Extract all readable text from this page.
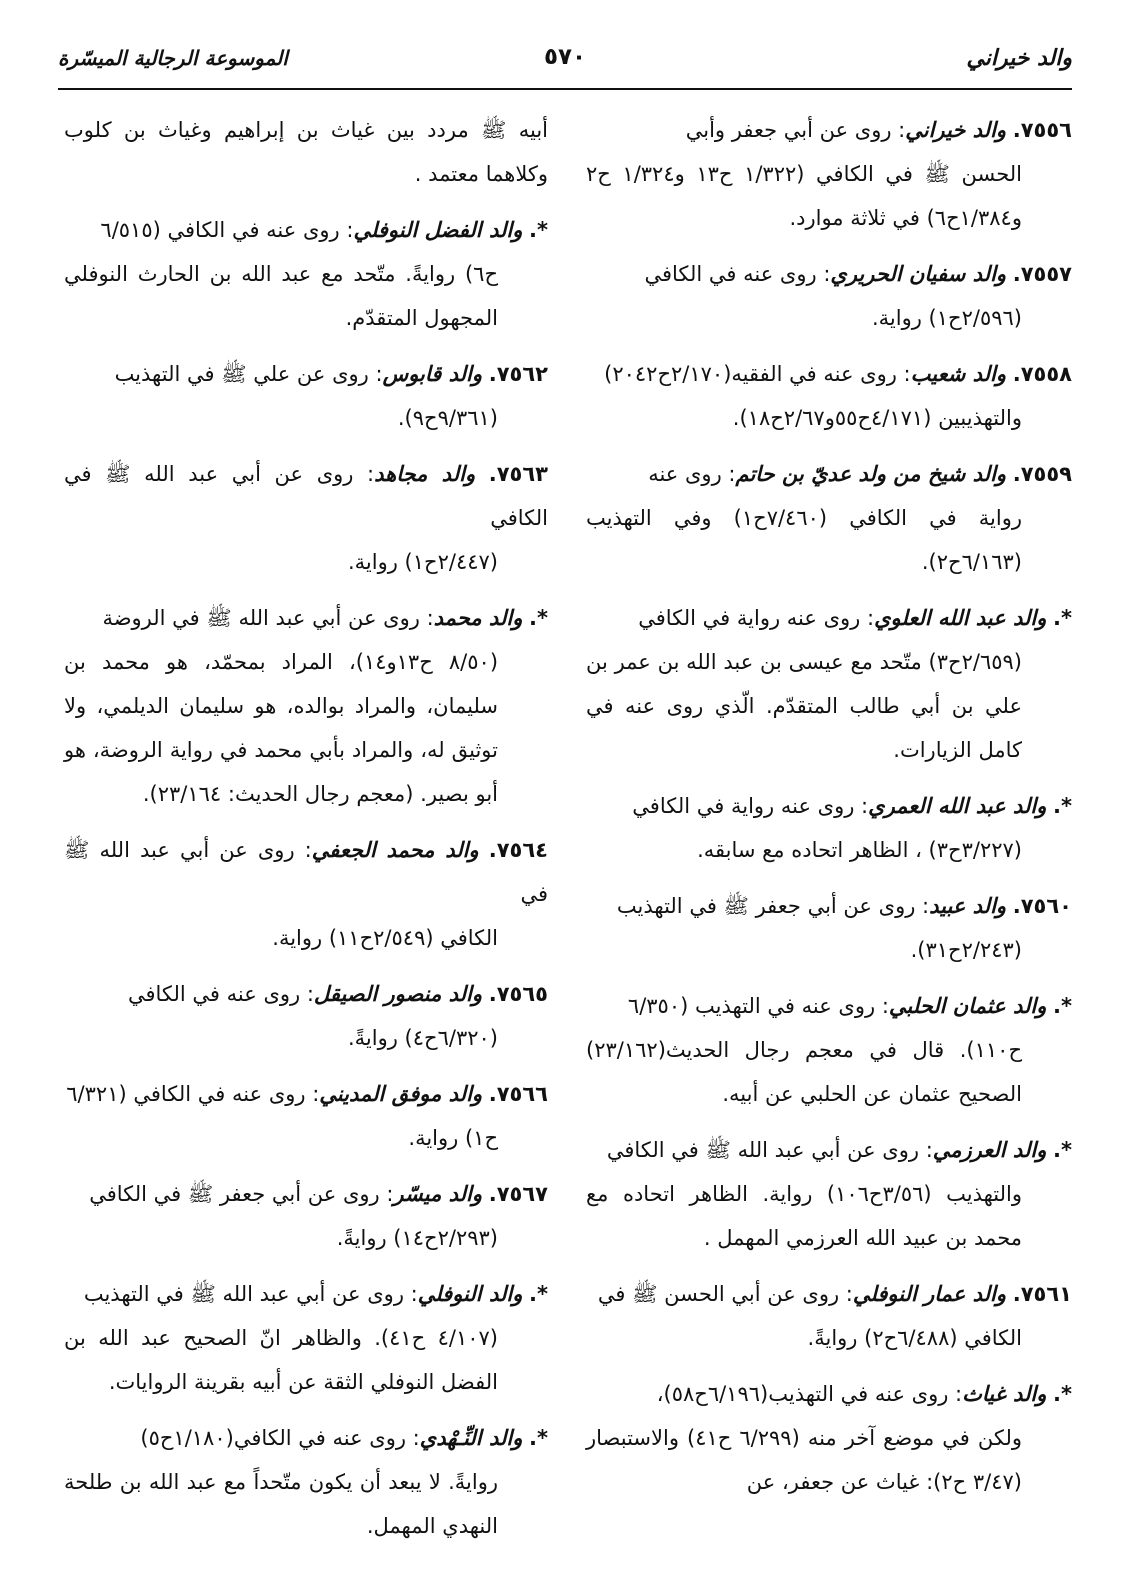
والد خيراني
٥٧٠
الموسوعة الرجالية الميسّرة
٧٥٥٦. والد خيراني: روى عن أبي جعفر وأبي
الحسن ﷺ في الكافي (١/٣٢٢ ح١٣ و١/٣٢٤ ح٢ و١/٣٨٤ح٦) في ثلاثة موارد.
٧٥٥٧. والد سفيان الحريري: روى عنه في الكافي
(٢/٥٩٦ح١) رواية.
٧٥٥٨. والد شعيب: روى عنه في الفقيه(٢/١٧٠ح٢٠٤٢)
والتهذيبين (٤/١٧١ح٥٥و٢/٦٧ح١٨).
٧٥٥٩. والد شيخ من ولد عديّ بن حاتم: روى عنه
رواية في الكافي (٧/٤٦٠ح١) وفي التهذيب (٦/١٦٣ح٢).
*. والد عبد الله العلوي: روى عنه رواية في الكافي
(٢/٦٥٩ح٣) متّحد مع عيسى بن عبد الله بن عمر بن علي بن أبي طالب المتقدّم. الّذي روى عنه في كامل الزيارات.
*. والد عبد الله العمري: روى عنه رواية في الكافي
(٣/٢٢٧ح٣) ، الظاهر اتحاده مع سابقه.
٧٥٦٠. والد عبيد: روى عن أبي جعفر ﷺ في التهذيب
(٢/٢٤٣ح٣١).
*. والد عثمان الحلبي: روى عنه في التهذيب (٦/٣٥٠
ح١١٠). قال في معجم رجال الحديث(٢٣/١٦٢) الصحيح عثمان عن الحلبي عن أبيه.
*. والد العرزمي: روى عن أبي عبد الله ﷺ في الكافي
والتهذيب (٣/٥٦ح١٠٦) رواية. الظاهر اتحاده مع محمد بن عبيد الله العرزمي المهمل .
٧٥٦١. والد عمار النوفلي: روى عن أبي الحسن ﷺ في
الكافي (٦/٤٨٨ح٢) روايةً.
*. والد غياث: روى عنه في التهذيب(٦/١٩٦ح٥٨)،
ولكن في موضع آخر منه (٦/٢٩٩ ح٤١) والاستبصار (٣/٤٧ ح٢): غياث عن جعفر، عن
أبيه ﷺ مردد بين غياث بن إبراهيم وغياث بن كلوب وكلاهما معتمد .
*. والد الفضل النوفلي: روى عنه في الكافي (٦/٥١٥
ح٦) روايةً. متّحد مع عبد الله بن الحارث النوفلي المجهول المتقدّم.
٧٥٦٢. والد قابوس: روى عن علي ﷺ في التهذيب
(٩/٣٦١ح٩).
٧٥٦٣. والد مجاهد: روى عن أبي عبد الله ﷺ في الكافي
(٢/٤٤٧ح١) رواية.
*. والد محمد: روى عن أبي عبد الله ﷺ في الروضة
(٨/٥٠ ح١٣و١٤)، المراد بمحمّد، هو محمد بن سليمان، والمراد بوالده، هو سليمان الديلمي، ولا توثيق له، والمراد بأبي محمد في رواية الروضة، هو أبو بصير. (معجم رجال الحديث: ٢٣/١٦٤).
٧٥٦٤. والد محمد الجعفي: روى عن أبي عبد الله ﷺ في
الكافي (٢/٥٤٩ح١١) رواية.
٧٥٦٥. والد منصور الصيقل: روى عنه في الكافي
(٦/٣٢٠ح٤) روايةً.
٧٥٦٦. والد موفق المديني: روى عنه في الكافي (٦/٣٢١
ح١) رواية.
٧٥٦٧. والد ميسّر: روى عن أبي جعفر ﷺ في الكافي
(٢/٢٩٣ح١٤) روايةً.
*. والد النوفلي: روى عن أبي عبد الله ﷺ في التهذيب
(٤/١٠٧ ح٤١). والظاهر انّ الصحيح عبد الله بن الفضل النوفلي الثقة عن أبيه بقرينة الروايات.
*. والد النِّـهْدي: روى عنه في الكافي(١/١٨٠ح٥)
روايةً. لا يبعد أن يكون متّحداً مع عبد الله بن طلحة النهدي المهمل.
